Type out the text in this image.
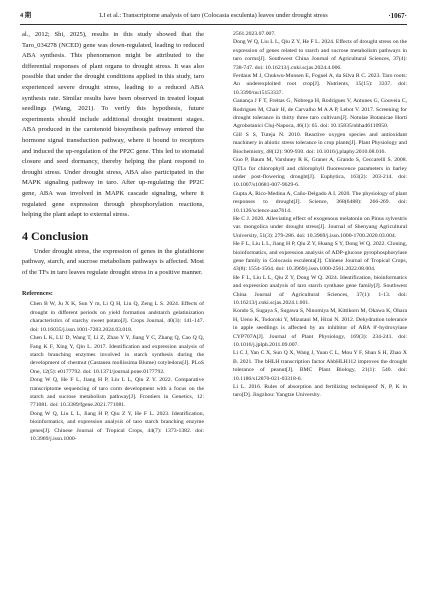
4 期	LI et al.: Transcriptome analysis of taro (Colocasia esculenta) leaves under drought stress	·1067·

al., 2012; Shi, 2025), results in this study showed that the Taro_034278 (NCED) gene was down-regulated, leading to reduced ABA synthesis. This phenomenon might be attributed to the differential responses of plant organs to drought stress. It was also possible that under the drought conditions applied in this study, taro experienced severe drought stress, leading to a reduced ABA synthesis rate. Similar results have been observed in treated loquat seedlings (Wang, 2021). To verify this hypothesis, future experiments should include additional drought treatment stages. ABA produced in the carotenoid biosynthesis pathway entered the hormone signal transduction pathway, where it bound to receptors and induced the up-regulation of the PP2C gene. This led to stomatal closure and seed dormancy, thereby helping the plant respond to drought stress. Under drought stress, ABA also participated in the MAPK signaling pathway in taro. After up-regulating the PP2C gene, ABA was involved in MAPK cascade signaling, where it regulated gene expression through phosphorylation reactions, helping the plant adapt to external stress.

4 Conclusion

Under drought stress, the expression of genes in the glutathione pathway, starch, and sucrose metabolism pathways is affected. Most of the TFs in taro leaves regulate drought stress in a positive manner.

References:

Chen B W, Ju X K, Sun Y m, Li Q H, Liu Q, Zeng L S. 2024. Effects of drought in different periods on yield formation andstarch gelatinization characteristics of starchy sweet potato[J]. Crops Journal, 40(3): 141-147. doi: 10.16035/j.issn.1001-7283.2024.03.018.

Chen L K, LU D, Wang T, Li Z, Zhao Y Y, Jiang Y C, Zhang Q, Cao Q Q, Fang K F, Xing Y, Qin L. 2017. Identification and expression analysis of starch branching enzymes involved in starch synthesis during the development of chestnut (Castanea mollissima Blume) cotyledons[J]. PLoS One, 12(5): e0177792. doi: 10.1371/journal.pone.0177792.

Dong W Q, He F L, Jiang H P, Liu L L, Qiu Z Y. 2022. Comparative transcriptome sequencing of taro corm development with a focus on the starch and sucrose metabolism pathway[J]. Frontiers in Genetics, 12: 771081. doi: 10.3389/fgene.2021.771081.

Dong W Q, Liu L L, Jiang H P, Qiu Z Y, He F L. 2023. Identification, bioinformatics, and expression analysis of taro starch branching enzyme genes[J]. Chinese Journal of Tropical Crops, 44(7): 1373-1382. doi: 10.3969/j.issn.1000-

2561.2023.07.007.

Dong W Q, Liu L L, Qiu Z Y, He F L. 2024. Effects of drought stress on the expression of genes related to starch and sucrose metabolism pathways in taro corms[J]. Southwest China Journal of Agricultural Sciences, 37(4): 738-747. doi: 10.16213/j.cnki.scjas.2024.4.006.

Ferdaus M J, Chukwu-Munsen E, Foguel A, da Silva R C. 2023. Taro roots: An underexploited root crop[J]. Nutrients, 15(15): 3337. doi: 10.3390/nu15153337.

Ganança J F T, Freitas G, Nobrega H, Rodrigues V, Antunes G, Gouveia C, Rodrigues M, Chair H, de Carvalho M A A P, Lebot V. 2017. Screening for drought tolerance in thirty three taro cultivars[J]. Notulae Botanicae Horti Agrobotanici Cluj-Napoca, 46(1): 65. doi: 10.15835/nbha46110950.

Gill S S, Tuteja N. 2010. Reactive oxygen species and antioxidant machinery in abiotic stress tolerance in crop plants[J]. Plant Physiology and Biochemistry, 48(12): 909-930. doi: 10.1016/j.plaphy.2010.08.016.

Guo P, Baum M, Varshney R K, Graner A, Grando S, Ceccarelli S. 2008. QTLs for chlorophyll and chlorophyll fluorescence parameters in barley under post-flowering drought[J]. Euphytica, 163(2): 203-214. doi: 10.1007/s10681-007-9629-6.

Gupta A, Rico-Medina A, Caño-Delgado A I. 2020. The physiology of plant responses to drought[J]. Science, 368(6488): 266-269. doi: 10.1126/science.aaz7614.

He C J. 2020. Alleviating effect of exogenous melatonin on Pinus sylvestris var. mongolica under drought stress[J]. Journal of Shenyang Agricultural University, 51(3): 279-286. doi: 10.3969/j.issn.1000-1700.2020.03.004.

He F L, Liu L L, Jiang H P, Qiu Z Y, Huang S Y, Dong W Q. 2022. Cloning, bioinformatics, and expression analysis of ADP-glucose pyrophosphorylase gene family in Colocasia esculenta[J]. Chinese Journal of Tropical Crops, 43(8): 1554-1564. doi: 10.3969/j.issn.1000-2561.2022.08.004.

He F L, Liu L L, Qiu Z Y, Dong W Q. 2024. Identification, bioinformatics and expression analysis of taro starch synthase gene family[J]. Southwest China Journal of Agricultural Sciences, 37(1): 1-13. doi: 10.16213/j.cnki.scjas.2024.1.001.

Kondo S, Sugaya S, Sugawa S, Ninomiya M, Kittikorn M, Okawa K, Ohara H, Ueno K, Todoroki Y, Mizutani M, Hirai N. 2012. Dehydration tolerance in apple seedlings is affected by an inhibitor of ABA 8'-hydroxylase CYP707A[J]. Journal of Plant Physiology, 169(3): 234-241. doi: 10.1016/j.jplph.2011.09.007.

Li C J, Yan C X, Sun Q X, Wang J, Yuan C L, Mou Y F, Shan S H, Zhao X B. 2021. The bHLH transcription factor AhbHLH112 improves the drought tolerance of peanut[J]. BMC Plant Biology, 21(1): 540. doi: 10.1186/s12870-021-03318-6.

Li L. 2016. Rules of absorption and fertilizing techniqueof N, P, K in taro[D]. Jingzhou: Yangtze University.
